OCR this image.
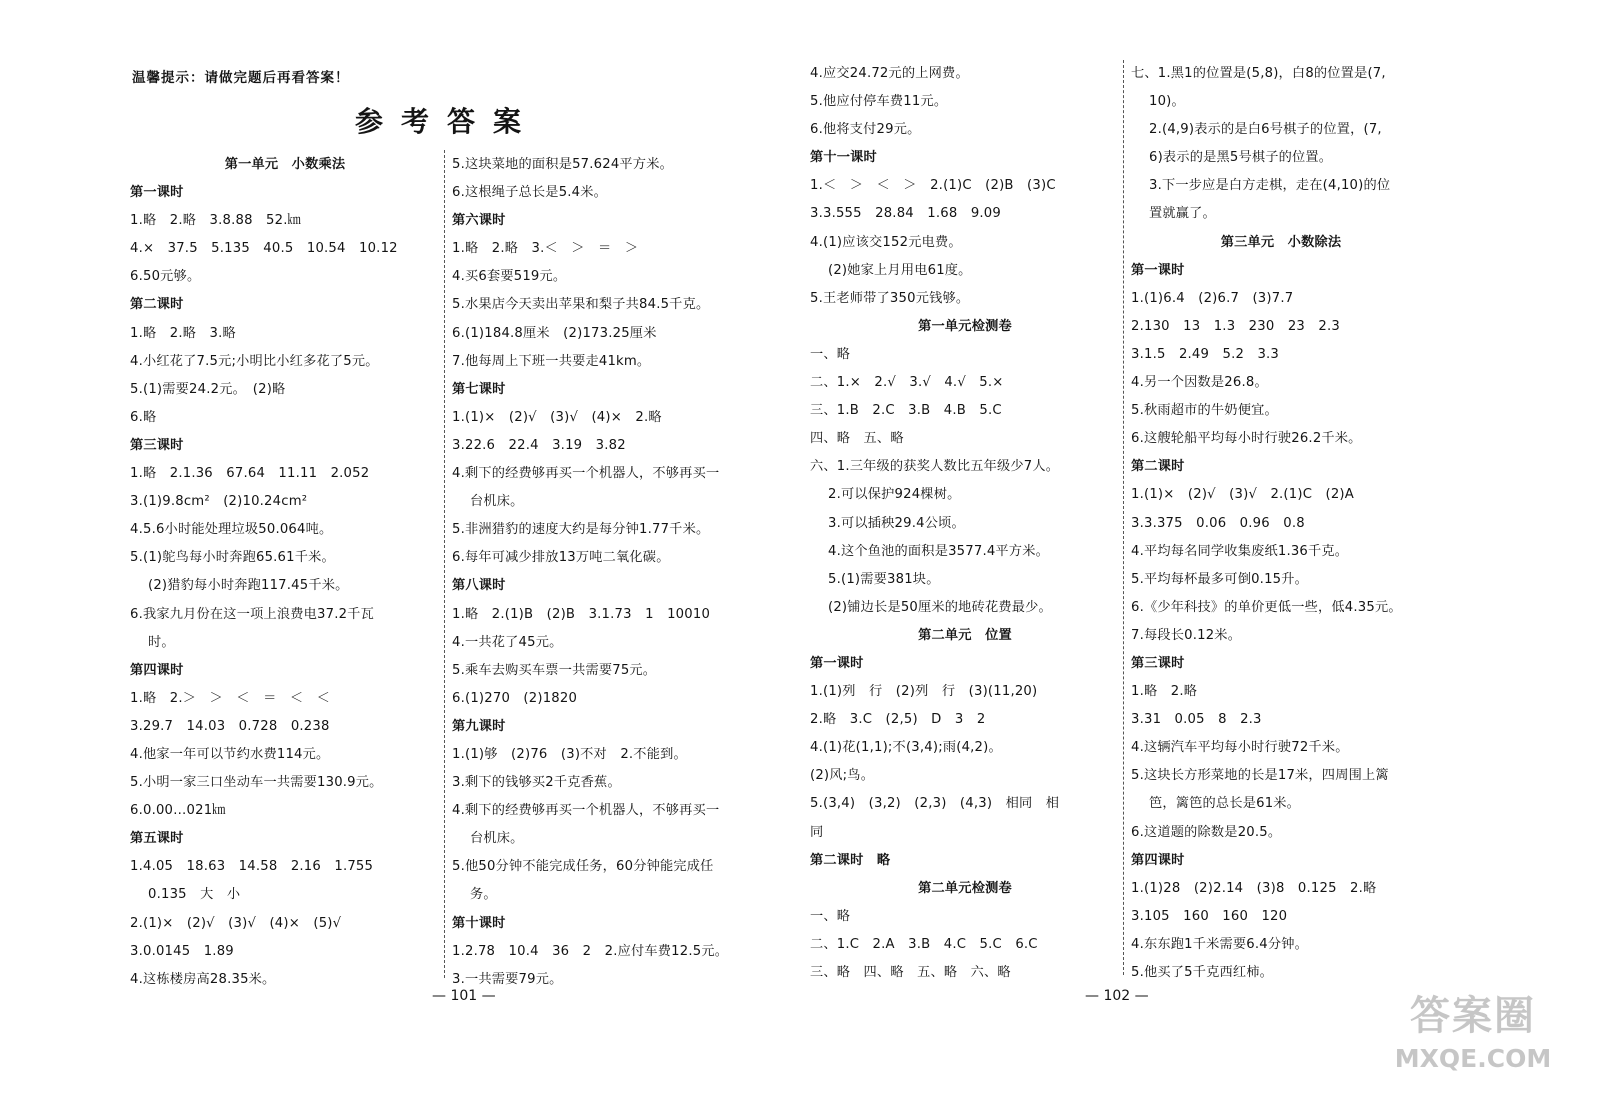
温馨提示：请做完题后再看答案！
参考答案
第一单元　小数乘法
第一课时
1.略　2.略　3.8.88　52.㎞
4.×　37.5　5.135　40.5　10.54　10.12
6.50元够。
第二课时
1.略　2.略　3.略
4.小红花了7.5元;小明比小红多花了5元。
5.(1)需要24.2元。　(2)略
6.略
第三课时
1.略　2.1.36　67.64　11.11　2.052
3.(1)9.8cm²　(2)10.24cm²
4.5.6小时能处理垃圾50.064吨。
5.(1)鸵鸟每小时奔跑65.61千米。
(2)猎豹每小时奔跑117.45千米。
6.我家九月份在这一项上浪费电37.2千瓦
时。
第四课时
1.略　2.＞　＞　＜　＝　＜　＜
3.29.7　14.03　0.728　0.238
4.他家一年可以节约水费114元。
5.小明一家三口坐动车一共需要130.9元。
6.0.00…021㎞
第五课时
1.4.05　18.63　14.58　2.16　1.755
0.135　大　小
2.(1)×　(2)√　(3)√　(4)×　(5)√
3.0.0145　1.89
4.这栋楼房高28.35米。
5.这块菜地的面积是57.624平方米。
6.这根绳子总长是5.4米。
第六课时
1.略　2.略　3.＜　＞　＝　＞
4.买6套要519元。
5.水果店今天卖出苹果和梨子共84.5千克。
6.(1)184.8厘米　(2)173.25厘米
7.他每周上下班一共要走41km。
第七课时
1.(1)×　(2)√　(3)√　(4)×　2.略
3.22.6　22.4　3.19　3.82
4.剩下的经费够再买一个机器人，不够再买一
台机床。
5.非洲猎豹的速度大约是每分钟1.77千米。
6.每年可减少排放13万吨二氧化碳。
第八课时
1.略　2.(1)B　(2)B　3.1.73　1　10010
4.一共花了45元。
5.乘车去购买车票一共需要75元。
6.(1)270　(2)1820
第九课时
1.(1)够　(2)76　(3)不对　2.不能到。
3.剩下的钱够买2千克香蕉。
4.剩下的经费够再买一个机器人，不够再买一
台机床。
5.他50分钟不能完成任务，60分钟能完成任
务。
第十课时
1.2.78　10.4　36　2　2.应付车费12.5元。
3.一共需要79元。
4.应交24.72元的上网费。
5.他应付停车费11元。
6.他将支付29元。
第十一课时
1.＜　＞　＜　＞　2.(1)C　(2)B　(3)C
3.3.555　28.84　1.68　9.09
4.(1)应该交152元电费。
(2)她家上月用电61度。
5.王老师带了350元钱够。
第一单元检测卷
一、略
二、1.×　2.√　3.√　4.√　5.×
三、1.B　2.C　3.B　4.B　5.C
四、略　五、略
六、1.三年级的获奖人数比五年级少7人。
2.可以保护924棵树。
3.可以插秧29.4公顷。
4.这个鱼池的面积是3577.4平方米。
5.(1)需要381块。
(2)铺边长是50厘米的地砖花费最少。
第二单元　位置
第一课时
1.(1)列　行　(2)列　行　(3)(11,20)
2.略　3.C　(2,5)　D　3　2
4.(1)花(1,1);不(3,4);雨(4,2)。
(2)风;鸟。
5.(3,4)　(3,2)　(2,3)　(4,3)　相同　相
同
第二课时　略
第二单元检测卷
一、略
二、1.C　2.A　3.B　4.C　5.C　6.C
三、略　四、略　五、略　六、略
七、1.黑1的位置是(5,8)，白8的位置是(7,
10)。
2.(4,9)表示的是白6号棋子的位置，(7,
6)表示的是黑5号棋子的位置。
3.下一步应是白方走棋，走在(4,10)的位
置就赢了。
第三单元　小数除法
第一课时
1.(1)6.4　(2)6.7　(3)7.7
2.130　13　1.3　230　23　2.3
3.1.5　2.49　5.2　3.3
4.另一个因数是26.8。
5.秋雨超市的牛奶便宜。
6.这艘轮船平均每小时行驶26.2千米。
第二课时
1.(1)×　(2)√　(3)√　2.(1)C　(2)A
3.3.375　0.06　0.96　0.8
4.平均每名同学收集废纸1.36千克。
5.平均每杯最多可倒0.15升。
6.《少年科技》的单价更低一些，低4.35元。
7.每段长0.12米。
第三课时
1.略　2.略
3.31　0.05　8　2.3
4.这辆汽车平均每小时行驶72千米。
5.这块长方形菜地的长是17米，四周围上篱
笆，篱笆的总长是61米。
6.这道题的除数是20.5。
第四课时
1.(1)28　(2)2.14　(3)8　0.125　2.略
3.105　160　160　120
4.东东跑1千米需要6.4分钟。
5.他买了5千克西红柿。
— 101 —	— 102 —	答案圈
MXQE.COM
